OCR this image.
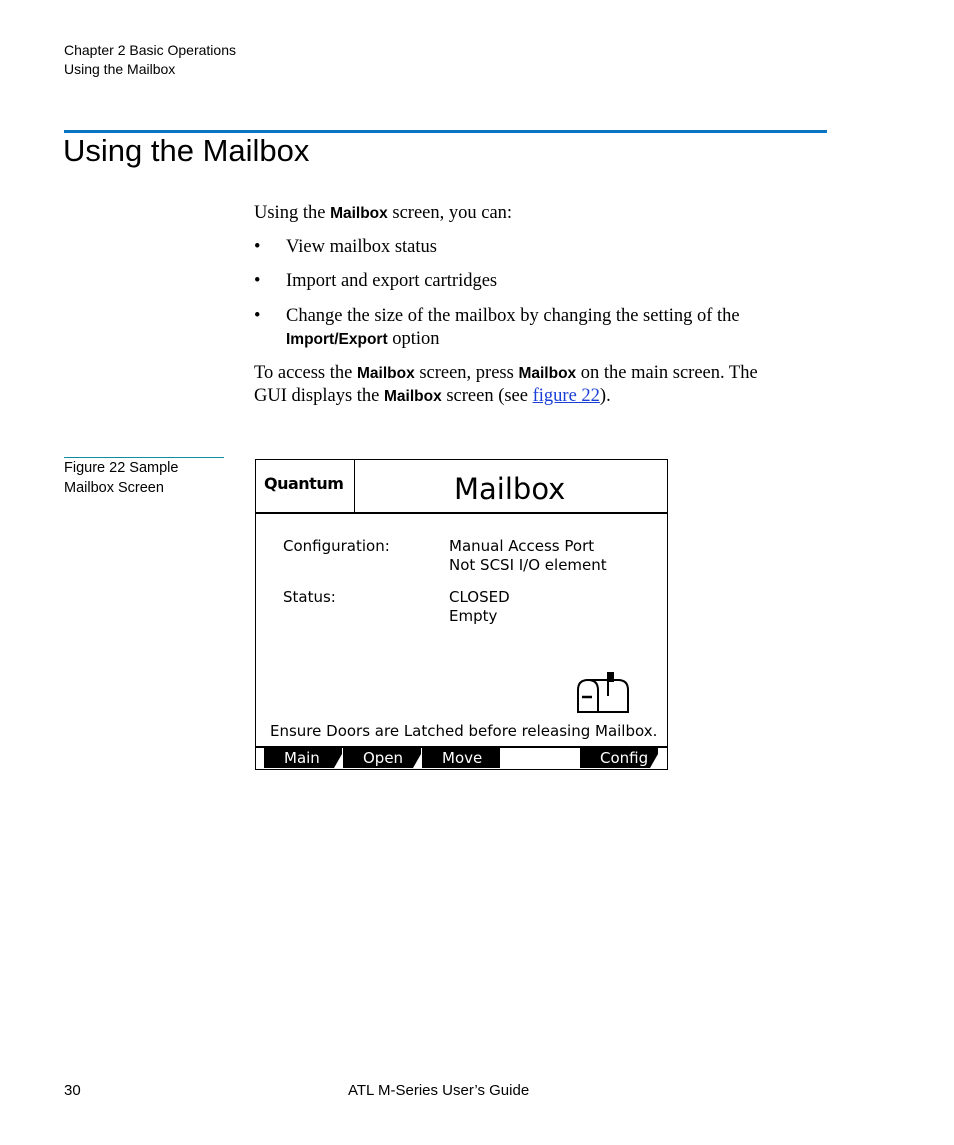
Chapter 2 Basic Operations
Using the Mailbox
Using the Mailbox
Using the Mailbox screen, you can:
• View mailbox status
• Import and export cartridges
• Change the size of the mailbox by changing the setting of the
Import/Export option
To access the Mailbox screen, press Mailbox on the main screen. The
GUI displays the Mailbox screen (see figure 22).
Figure 22 Sample
Mailbox Screen	Quantum	Mailbox
Configuration:	Manual Access Port
Not SCSI I/O element
Status:	CLOSED
Empty
Ensure Doors are Latched before releasing Mailbox.
Main	Open	Move	Config
30	ATL M-Series User’s Guide
